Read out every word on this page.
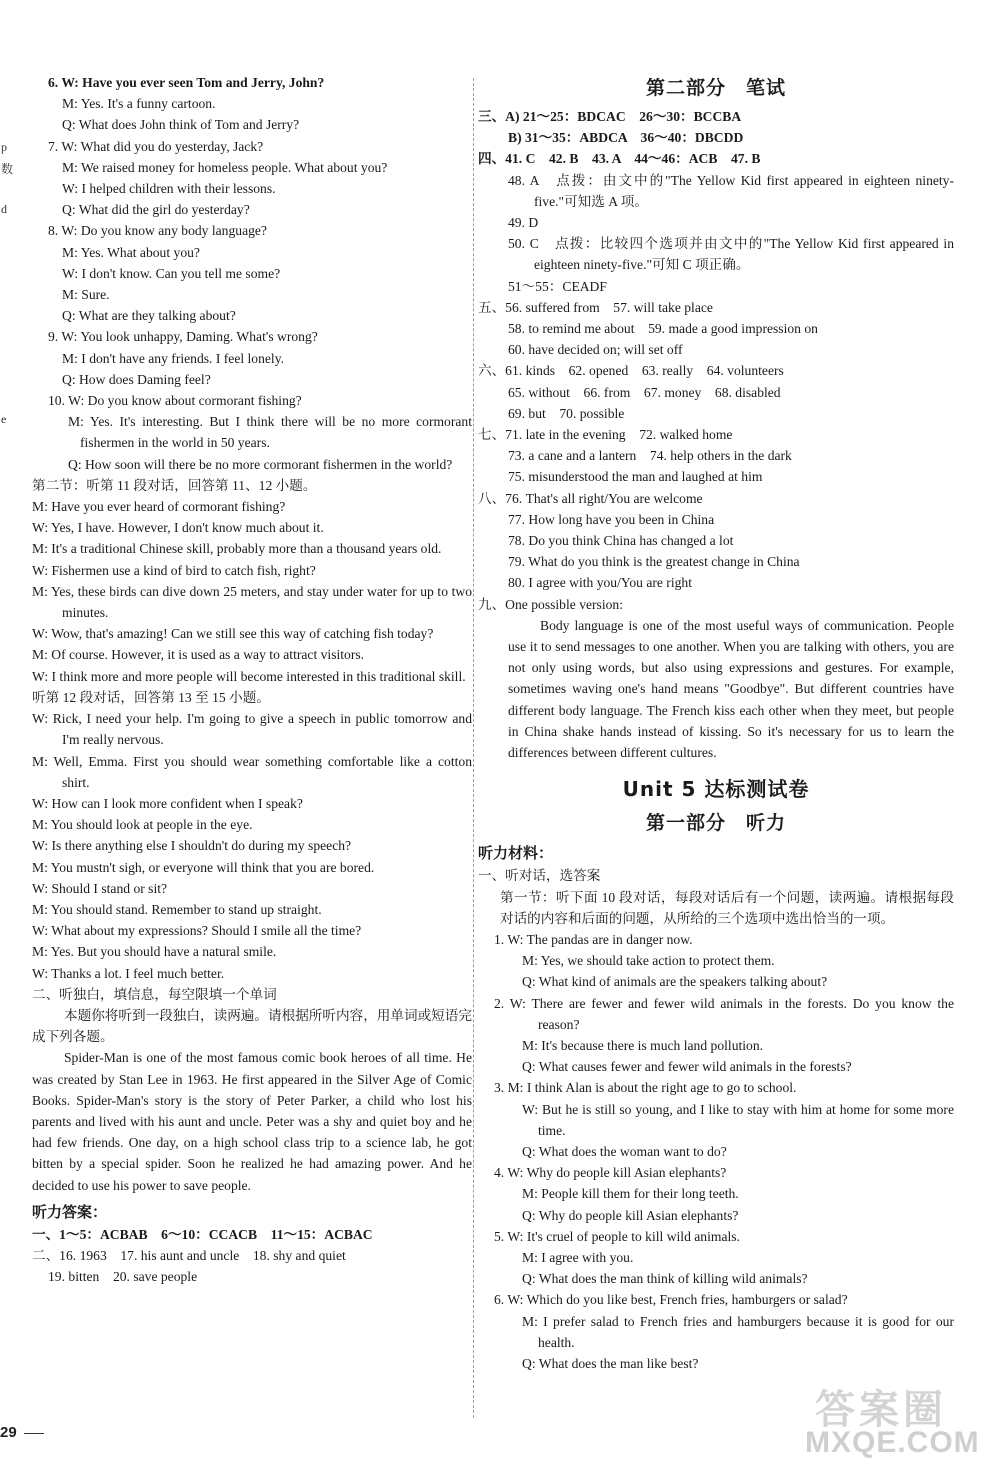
p
数
d
e
6. W: Have you ever seen Tom and Jerry, John?
M: Yes. It's a funny cartoon.
Q: What does John think of Tom and Jerry?
7. W: What did you do yesterday, Jack?
M: We raised money for homeless people. What about you?
W: I helped children with their lessons.
Q: What did the girl do yesterday?
8. W: Do you know any body language?
M: Yes. What about you?
W: I don't know. Can you tell me some?
M: Sure.
Q: What are they talking about?
9. W: You look unhappy, Daming. What's wrong?
M: I don't have any friends. I feel lonely.
Q: How does Daming feel?
10. W: Do you know about cormorant fishing?
M: Yes. It's interesting. But I think there will be no more cormorant fishermen in the world in 50 years.
Q: How soon will there be no more cormorant fishermen in the world?
第二节：听第 11 段对话，回答第 11、12 小题。
M: Have you ever heard of cormorant fishing?
W: Yes, I have. However, I don't know much about it.
M: It's a traditional Chinese skill, probably more than a thousand years old.
W: Fishermen use a kind of bird to catch fish, right?
M: Yes, these birds can dive down 25 meters, and stay under water for up to two minutes.
W: Wow, that's amazing! Can we still see this way of catching fish today?
M: Of course. However, it is used as a way to attract visitors.
W: I think more and more people will become interested in this traditional skill.
听第 12 段对话，回答第 13 至 15 小题。
W: Rick, I need your help. I'm going to give a speech in public tomorrow and I'm really nervous.
M: Well, Emma. First you should wear something comfortable like a cotton shirt.
W: How can I look more confident when I speak?
M: You should look at people in the eye.
W: Is there anything else I shouldn't do during my speech?
M: You mustn't sigh, or everyone will think that you are bored.
W: Should I stand or sit?
M: You should stand. Remember to stand up straight.
W: What about my expressions? Should I smile all the time?
M: Yes. But you should have a natural smile.
W: Thanks a lot. I feel much better.
二、听独白，填信息，每空限填一个单词
本题你将听到一段独白，读两遍。请根据所听内容，用单词或短语完成下列各题。
Spider-Man is one of the most famous comic book heroes of all time. He was created by Stan Lee in 1963. He first appeared in the Silver Age of Comic Books. Spider-Man's story is the story of Peter Parker, a child who lost his parents and lived with his aunt and uncle. Peter was a shy and quiet boy and he had few friends. One day, on a high school class trip to a science lab, he got bitten by a special spider. Soon he realized he had amazing power. And he decided to use his power to save people.
听力答案：
一、1～5：ACBAB　6～10：CCACB　11～15：ACBAC
二、16. 1963　17. his aunt and uncle　18. shy and quiet
19. bitten　20. save people
第二部分　笔试
三、A) 21～25：BDCAC　26～30：BCCBA
B) 31～35：ABDCA　36～40：DBCDD
四、41. C　42. B　43. A　44～46：ACB　47. B
48. A　点拨：由文中的"The Yellow Kid first appeared in eighteen ninety-five."可知选 A 项。
49. D
50. C　点拨：比较四个选项并由文中的"The Yellow Kid first appeared in eighteen ninety-five."可知 C 项正确。
51～55：CEADF
五、56. suffered from　57. will take place
58. to remind me about　59. made a good impression on
60. have decided on; will set off
六、61. kinds　62. opened　63. really　64. volunteers
65. without　66. from　67. money　68. disabled
69. but　70. possible
七、71. late in the evening　72. walked home
73. a cane and a lantern　74. help others in the dark
75. misunderstood the man and laughed at him
八、76. That's all right/You are welcome
77. How long have you been in China
78. Do you think China has changed a lot
79. What do you think is the greatest change in China
80. I agree with you/You are right
九、One possible version:
Body language is one of the most useful ways of communication. People use it to send messages to one another. When you are talking with others, you are not only using words, but also using expressions and gestures. For example, sometimes waving one's hand means "Goodbye". But different countries have different body language. The French kiss each other when they meet, but people in China shake hands instead of kissing. So it's necessary for us to learn the differences between different cultures.
Unit 5 达标测试卷
第一部分　听力
听力材料：
一、听对话，选答案
第一节：听下面 10 段对话，每段对话后有一个问题，读两遍。请根据每段对话的内容和后面的问题，从所给的三个选项中选出恰当的一项。
1. W: The pandas are in danger now.
M: Yes, we should take action to protect them.
Q: What kind of animals are the speakers talking about?
2. W: There are fewer and fewer wild animals in the forests. Do you know the reason?
M: It's because there is much land pollution.
Q: What causes fewer and fewer wild animals in the forests?
3. M: I think Alan is about the right age to go to school.
W: But he is still so young, and I like to stay with him at home for some more time.
Q: What does the woman want to do?
4. W: Why do people kill Asian elephants?
M: People kill them for their long teeth.
Q: Why do people kill Asian elephants?
5. W: It's cruel of people to kill wild animals.
M: I agree with you.
Q: What does the man think of killing wild animals?
6. W: Which do you like best, French fries, hamburgers or salad?
M: I prefer salad to French fries and hamburgers because it is good for our health.
Q: What does the man like best?
29	答案圈
MXQE.COM
